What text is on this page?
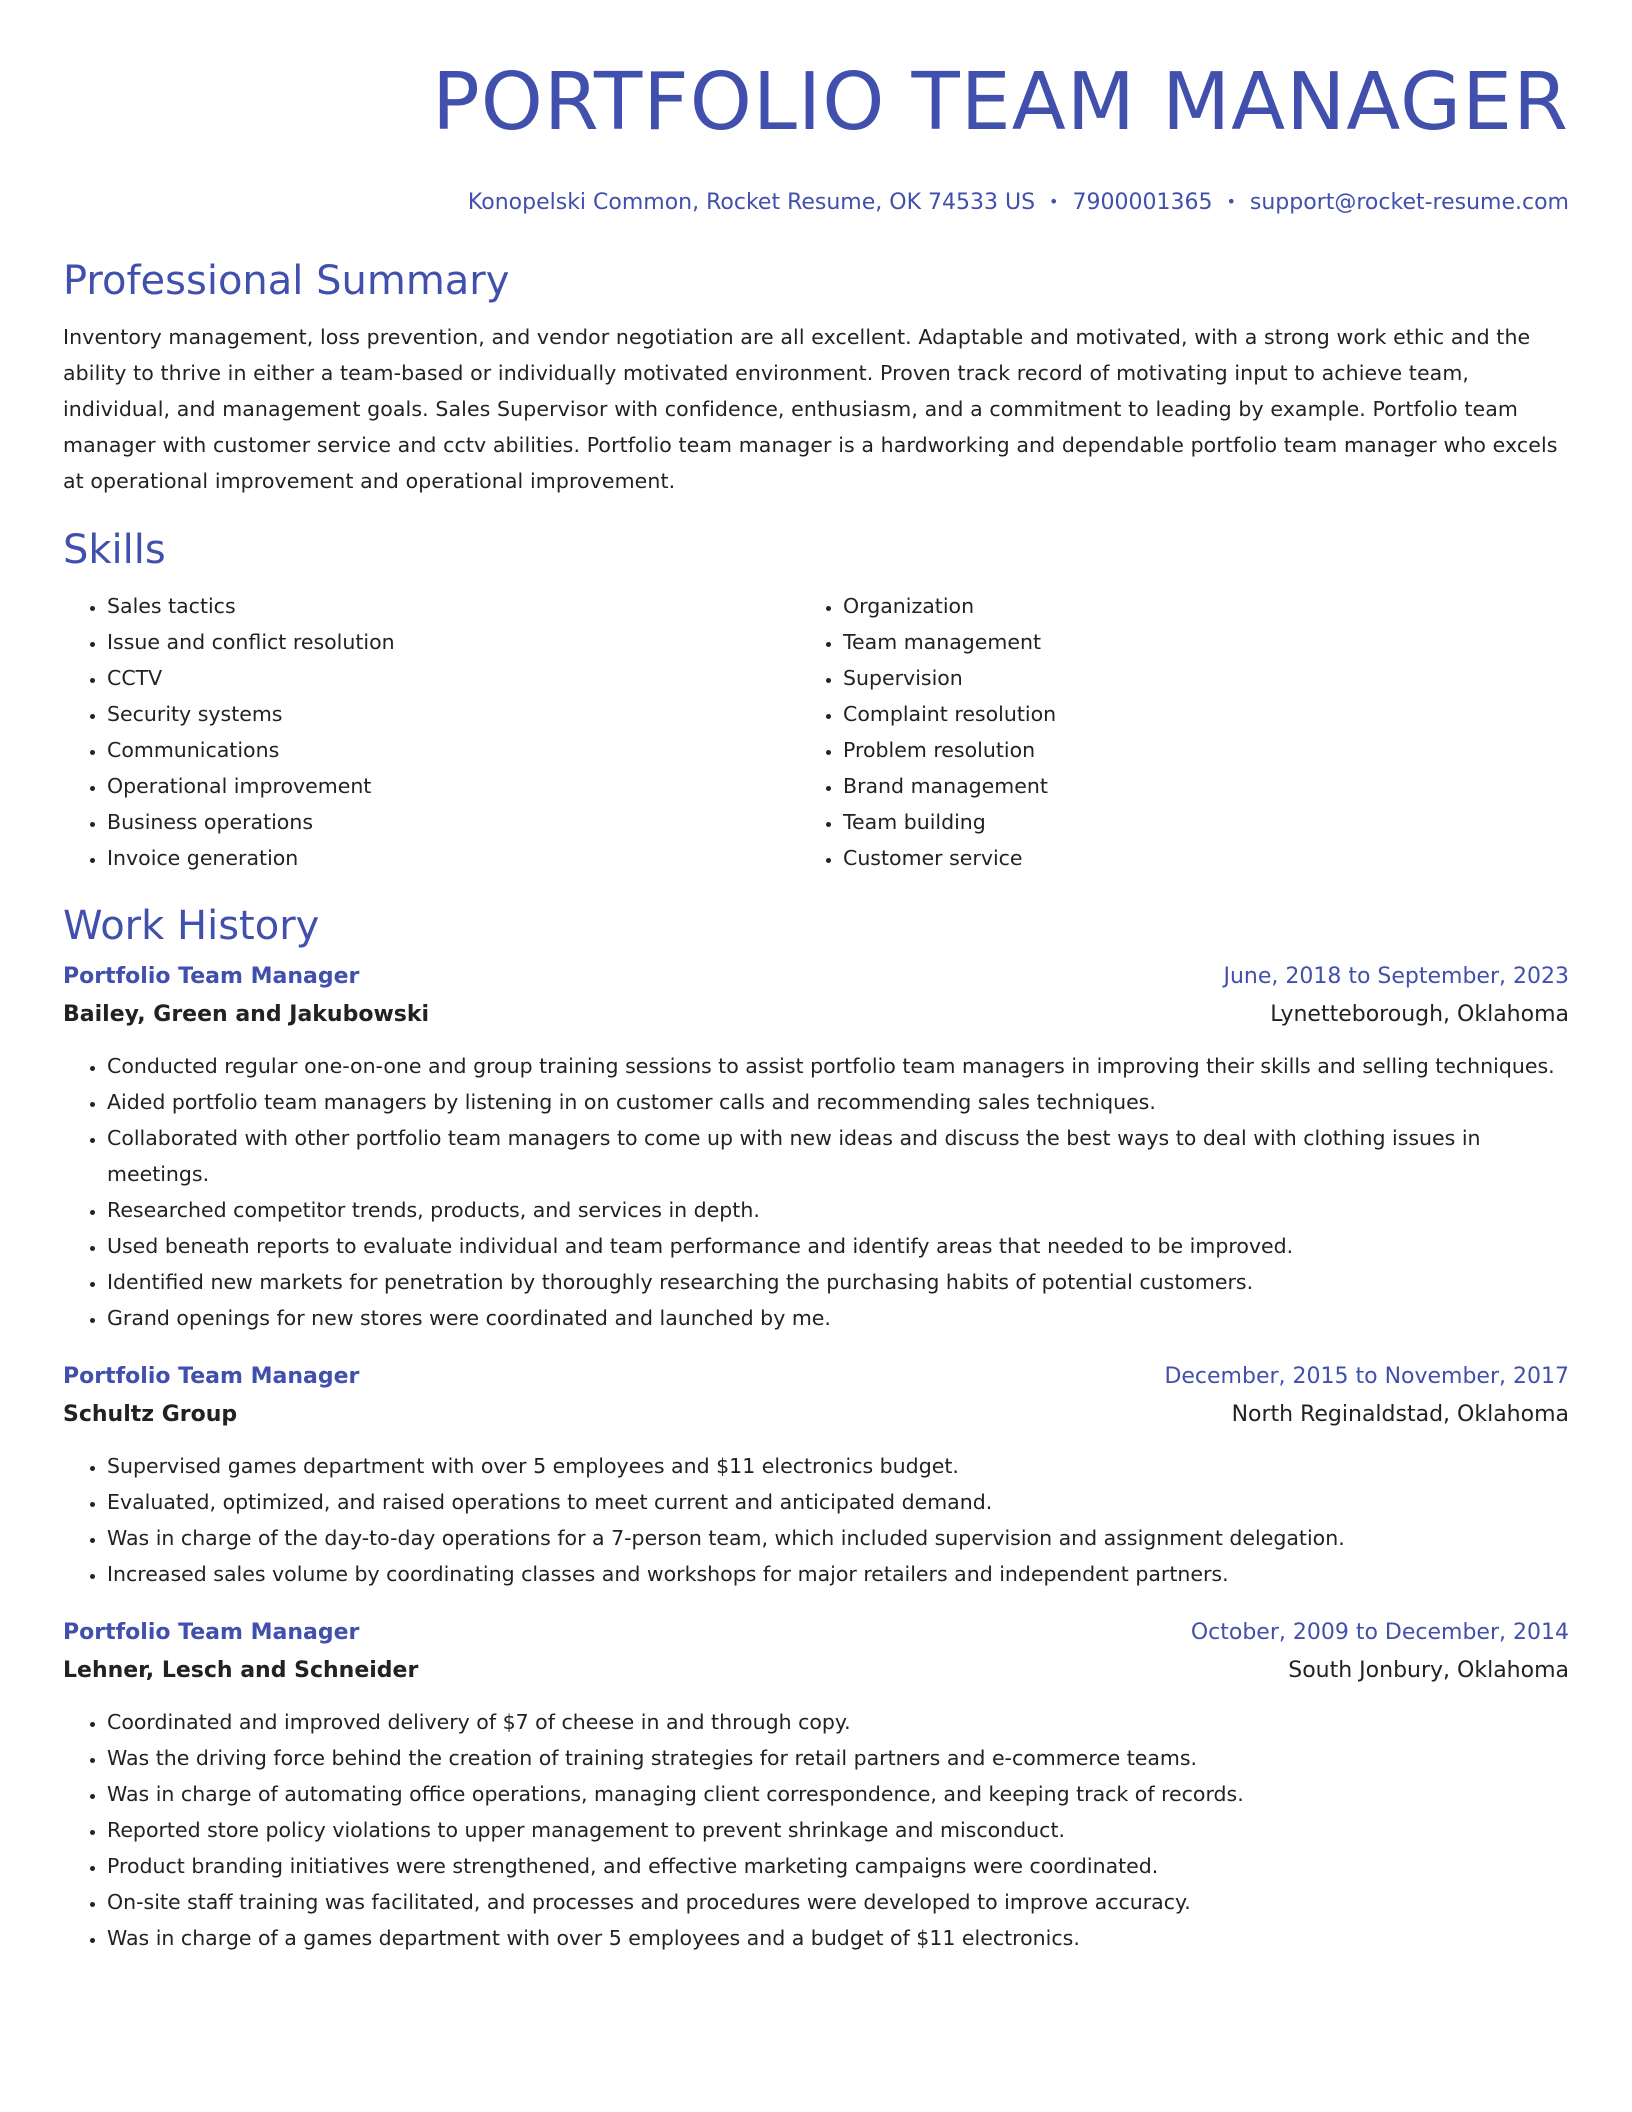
PORTFOLIO TEAM MANAGER
Konopelski Common, Rocket Resume, OK 74533 US • 7900001365 • support@rocket-resume.com
Professional Summary
Inventory management, loss prevention, and vendor negotiation are all excellent. Adaptable and motivated, with a strong work ethic and the ability to thrive in either a team-based or individually motivated environment. Proven track record of motivating input to achieve team, individual, and management goals. Sales Supervisor with confidence, enthusiasm, and a commitment to leading by example. Portfolio team manager with customer service and cctv abilities. Portfolio team manager is a hardworking and dependable portfolio team manager who excels at operational improvement and operational improvement.
Skills
• Sales tactics
• Issue and conflict resolution
• CCTV
• Security systems
• Communications
• Operational improvement
• Business operations
• Invoice generation
• Organization
• Team management
• Supervision
• Complaint resolution
• Problem resolution
• Brand management
• Team building
• Customer service
Work History
Portfolio Team Manager	June, 2018 to September, 2023
Bailey, Green and Jakubowski	Lynetteborough, Oklahoma
• Conducted regular one-on-one and group training sessions to assist portfolio team managers in improving their skills and selling techniques.
• Aided portfolio team managers by listening in on customer calls and recommending sales techniques.
• Collaborated with other portfolio team managers to come up with new ideas and discuss the best ways to deal with clothing issues in meetings.
• Researched competitor trends, products, and services in depth.
• Used beneath reports to evaluate individual and team performance and identify areas that needed to be improved.
• Identified new markets for penetration by thoroughly researching the purchasing habits of potential customers.
• Grand openings for new stores were coordinated and launched by me.
Portfolio Team Manager	December, 2015 to November, 2017
Schultz Group	North Reginaldstad, Oklahoma
• Supervised games department with over 5 employees and $11 electronics budget.
• Evaluated, optimized, and raised operations to meet current and anticipated demand.
• Was in charge of the day-to-day operations for a 7-person team, which included supervision and assignment delegation.
• Increased sales volume by coordinating classes and workshops for major retailers and independent partners.
Portfolio Team Manager	October, 2009 to December, 2014
Lehner, Lesch and Schneider	South Jonbury, Oklahoma
• Coordinated and improved delivery of $7 of cheese in and through copy.
• Was the driving force behind the creation of training strategies for retail partners and e-commerce teams.
• Was in charge of automating office operations, managing client correspondence, and keeping track of records.
• Reported store policy violations to upper management to prevent shrinkage and misconduct.
• Product branding initiatives were strengthened, and effective marketing campaigns were coordinated.
• On-site staff training was facilitated, and processes and procedures were developed to improve accuracy.
• Was in charge of a games department with over 5 employees and a budget of $11 electronics.
